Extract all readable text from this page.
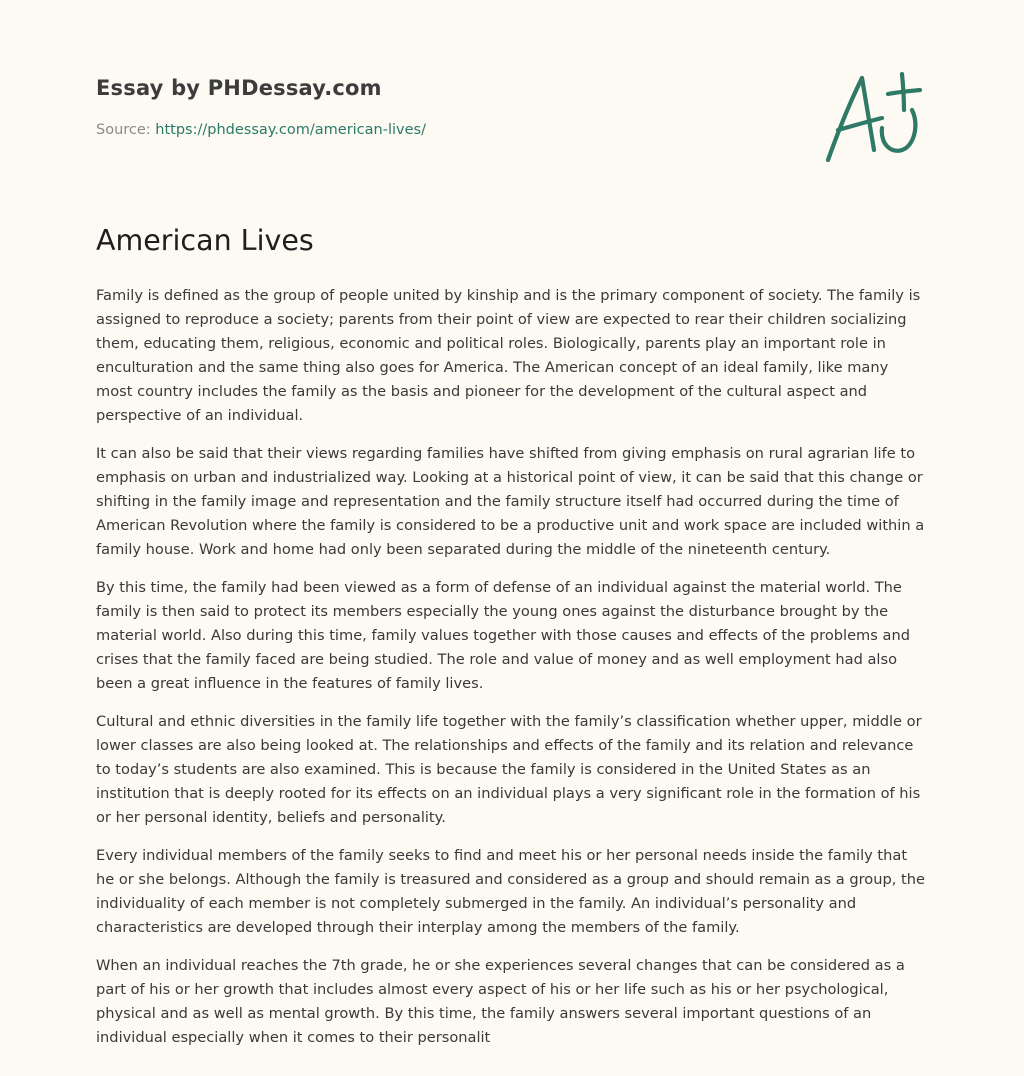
Essay by PHDessay.com
Source: https://phdessay.com/american-lives/
American Lives

Family is defined as the group of people united by kinship and is the primary component of society. The family is assigned to reproduce a society; parents from their point of view are expected to rear their children socializing them, educating them, religious, economic and political roles. Biologically, parents play an important role in enculturation and the same thing also goes for America. The American concept of an ideal family, like many most country includes the family as the basis and pioneer for the development of the cultural aspect and perspective of an individual.

It can also be said that their views regarding families have shifted from giving emphasis on rural agrarian life to emphasis on urban and industrialized way. Looking at a historical point of view, it can be said that this change or shifting in the family image and representation and the family structure itself had occurred during the time of American Revolution where the family is considered to be a productive unit and work space are included within a family house. Work and home had only been separated during the middle of the nineteenth century.

By this time, the family had been viewed as a form of defense of an individual against the material world. The family is then said to protect its members especially the young ones against the disturbance brought by the material world. Also during this time, family values together with those causes and effects of the problems and crises that the family faced are being studied. The role and value of money and as well employment had also been a great influence in the features of family lives.

Cultural and ethnic diversities in the family life together with the family’s classification whether upper, middle or lower classes are also being looked at. The relationships and effects of the family and its relation and relevance to today’s students are also examined. This is because the family is considered in the United States as an institution that is deeply rooted for its effects on an individual plays a very significant role in the formation of his or her personal identity, beliefs and personality.

Every individual members of the family seeks to find and meet his or her personal needs inside the family that he or she belongs. Although the family is treasured and considered as a group and should remain as a group, the individuality of each member is not completely submerged in the family. An individual’s personality and characteristics are developed through their interplay among the members of the family.

When an individual reaches the 7th grade, he or she experiences several changes that can be considered as a part of his or her growth that includes almost every aspect of his or her life such as his or her psychological, physical and as well as mental growth. By this time, the family answers several important questions of an individual especially when it comes to their personalit
